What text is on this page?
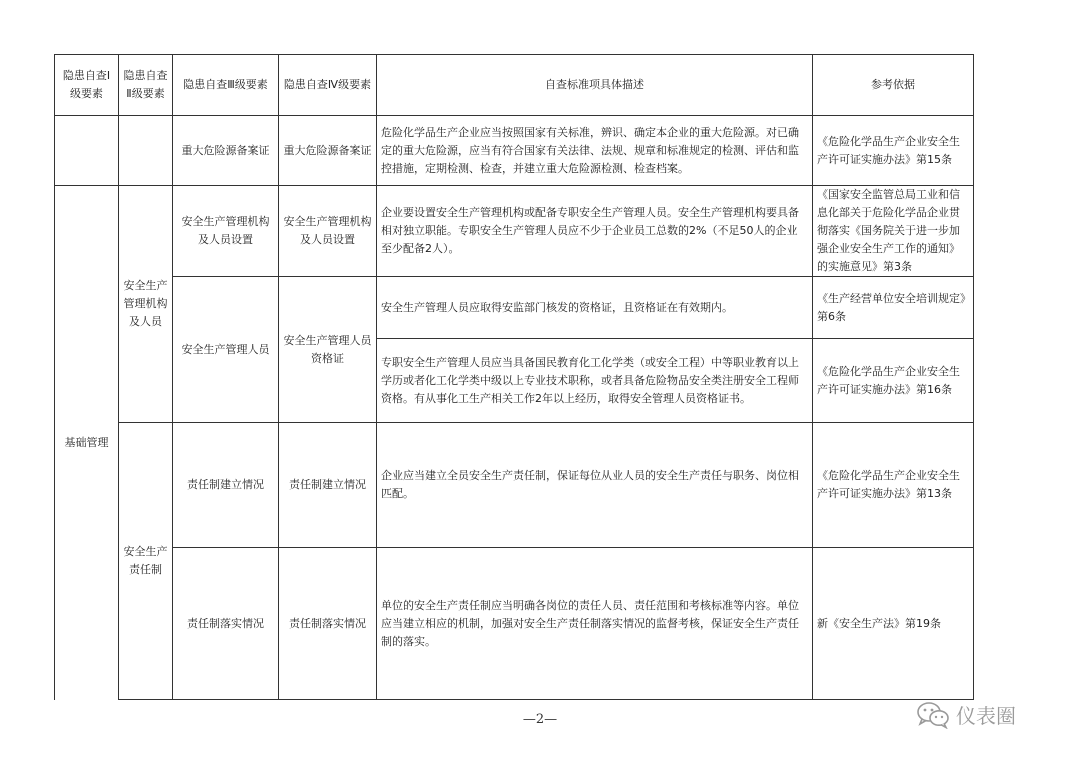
隐患自查Ⅰ级要素	隐患自查Ⅱ级要素	隐患自查Ⅲ级要素	隐患自查Ⅳ级要素	自查标准项具体描述	参考依据
		重大危险源备案证	重大危险源备案证	危险化学品生产企业应当按照国家有关标准，辨识、确定本企业的重大危险源。对已确定的重大危险源，应当有符合国家有关法律、法规、规章和标准规定的检测、评估和监控措施，定期检测、检查，并建立重大危险源检测、检查档案。	《危险化学品生产企业安全生产许可证实施办法》第15条
基础管理	安全生产管理机构及人员	安全生产管理机构及人员设置	安全生产管理机构及人员设置	企业要设置安全生产管理机构或配备专职安全生产管理人员。安全生产管理机构要具备相对独立职能。专职安全生产管理人员应不少于企业员工总数的2%（不足50人的企业至少配备2人）。	《国家安全监管总局工业和信息化部关于危险化学品企业贯彻落实《国务院关于进一步加强企业安全生产工作的通知》的实施意见》第3条
		安全生产管理人员	安全生产管理人员资格证	安全生产管理人员应取得安监部门核发的资格证，且资格证在有效期内。	《生产经营单位安全培训规定》第6条
				专职安全生产管理人员应当具备国民教育化工化学类（或安全工程）中等职业教育以上学历或者化工化学类中级以上专业技术职称，或者具备危险物品安全类注册安全工程师资格。有从事化工生产相关工作2年以上经历，取得安全管理人员资格证书。	《危险化学品生产企业安全生产许可证实施办法》第16条
	安全生产责任制	责任制建立情况	责任制建立情况	企业应当建立全员安全生产责任制，保证每位从业人员的安全生产责任与职务、岗位相匹配。	《危险化学品生产企业安全生产许可证实施办法》第13条
		责任制落实情况	责任制落实情况	单位的安全生产责任制应当明确各岗位的责任人员、责任范围和考核标准等内容。单位应当建立相应的机制，加强对安全生产责任制落实情况的监督考核，保证安全生产责任制的落实。	新《安全生产法》第19条
—2—	仪表圈
